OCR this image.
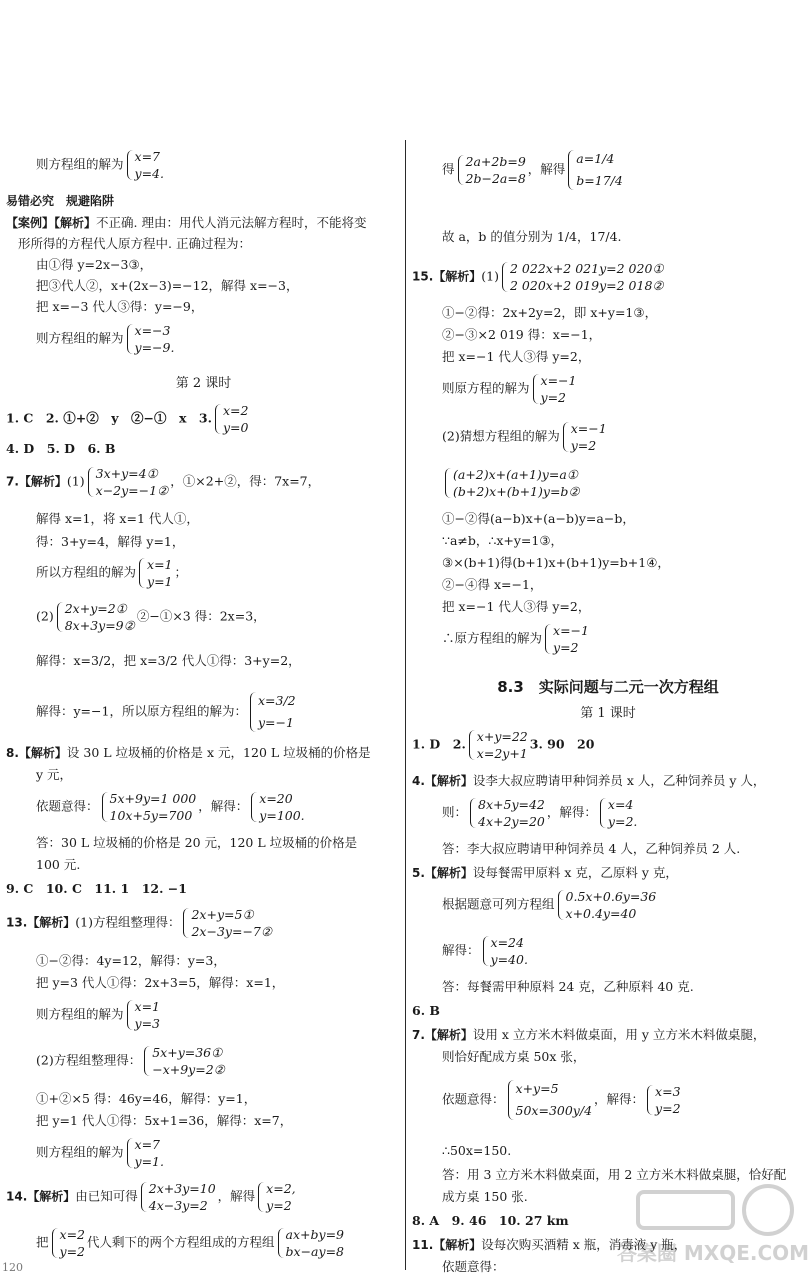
则方程组的解为 x=7
y=4.
易错必究　规避陷阱
【案例】【解析】不正确. 理由：用代人消元法解方程时，不能将变
形所得的方程代人原方程中. 正确过程为：
由①得 y=2x−3③，
把③代人②，x+(2x−3)=−12，解得 x=−3，
把 x=−3 代人③得：y=−9，
则方程组的解为 x=−3
y=−9.
第 2 课时
1. C　2. ①+②　y　②−①　x　3. x=2
y=0
4. D　5. D　6. B
7.【解析】(1) 3x+y=4①
x−2y=−1②
，①×2+②，得：7x=7，
解得 x=1，将 x=1 代人①，
得：3+y=4，解得 y=1，
所以方程组的解为 x=1
y=1
；
(2) 2x+y=2①
8x+3y=9②
②−①×3 得：2x=3，
解得：x=3/2，把 x=3/2 代人①得：3+y=2，
解得：y=−1，所以原方程组的解为：
x=3/2
y=−1
8.【解析】设 30 L 垃圾桶的价格是 x 元，120 L 垃圾桶的价格是
y 元，
依题意得： 5x+9y=1 000
10x+5y=700
，解得： x=20
y=100.
答：30 L 垃圾桶的价格是 20 元，120 L 垃圾桶的价格是
100 元.
9. C　10. C　11. 1　12. −1
13.【解析】(1)方程组整理得： 2x+y=5①
2x−3y=−7②
①−②得：4y=12，解得：y=3，
把 y=3 代人①得：2x+3=5，解得：x=1，
则方程组的解为 x=1
y=3
(2)方程组整理得： 5x+y=36①
−x+9y=2②
①+②×5 得：46y=46，解得：y=1，
把 y=1 代人①得：5x+1=36，解得：x=7，
则方程组的解为 x=7
y=1.
14.【解析】由已知可得 2x+3y=10
4x−3y=2
，解得 x=2,
y=2
把 x=2
y=2
代人剩下的两个方程组成的方程组 ax+by=9
bx−ay=8
得 2a+2b=9
2b−2a=8
，解得
a=1/4
b=17/4
故 a，b 的值分别为 1/4，17/4.
15.【解析】(1) 2 022x+2 021y=2 020①
2 020x+2 019y=2 018②
①−②得：2x+2y=2，即 x+y=1③，
②−③×2 019 得：x=−1，
把 x=−1 代人③得 y=2，
则原方程的解为 x=−1
y=2
(2)猜想方程组的解为 x=−1
y=2
(a+2)x+(a+1)y=a①
(b+2)x+(b+1)y=b②
①−②得(a−b)x+(a−b)y=a−b，
∵a≠b，∴x+y=1③，
③×(b+1)得(b+1)x+(b+1)y=b+1④，
②−④得 x=−1，
把 x=−1 代人③得 y=2，
∴原方程组的解为 x=−1
y=2
8.3　实际问题与二元一次方程组
第 1 课时
1. D　2. x+y=22
x=2y+1
3. 90　20
4.【解析】设李大叔应聘请甲种饲养员 x 人，乙种饲养员 y 人，
则： 8x+5y=42
4x+2y=20
，解得： x=4
y=2.
答：李大叔应聘请甲种饲养员 4 人，乙种饲养员 2 人.
5.【解析】设每餐需甲原料 x 克，乙原料 y 克，
根据题意可列方程组 0.5x+0.6y=36
x+0.4y=40
解得： x=24
y=40.
答：每餐需甲种原料 24 克，乙种原料 40 克.
6. B
7.【解析】设用 x 立方米木料做桌面，用 y 立方米木料做桌腿，
则恰好配成方桌 50x 张，
依题意得：
x+y=5
50x=300y/4
，解得： x=3
y=2
∴50x=150.
答：用 3 立方米木料做桌面，用 2 立方米木料做桌腿，恰好配
成方桌 150 张.
8. A　9. 46　10. 27 km
11.【解析】设每次购买酒精 x 瓶，消毒液 y 瓶，
依题意得：
120
答案圈 MXQE.COM
